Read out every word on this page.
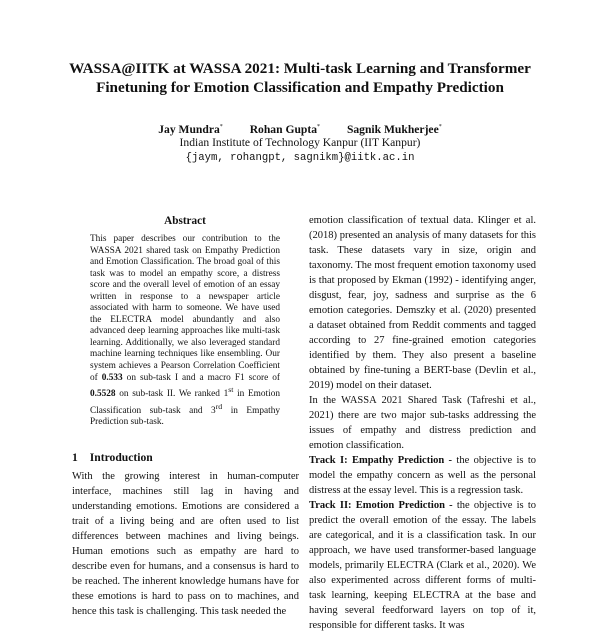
WASSA@IITK at WASSA 2021: Multi-task Learning and Transformer Finetuning for Emotion Classification and Empathy Prediction
Jay Mundra* Rohan Gupta* Sagnik Mukherjee*
Indian Institute of Technology Kanpur (IIT Kanpur)
{jaym, rohangpt, sagnikm}@iitk.ac.in
Abstract

This paper describes our contribution to the WASSA 2021 shared task on Empathy Prediction and Emotion Classification. The broad goal of this task was to model an empathy score, a distress score and the overall level of emotion of an essay written in response to a newspaper article associated with harm to someone. We have used the ELECTRA model abundantly and also advanced deep learning approaches like multi-task learning. Additionally, we also leveraged standard machine learning techniques like ensembling. Our system achieves a Pearson Correlation Coefficient of 0.533 on sub-task I and a macro F1 score of 0.5528 on sub-task II. We ranked 1st in Emotion Classification sub-task and 3rd in Empathy Prediction sub-task.

1 Introduction

With the growing interest in human-computer interface, machines still lag in having and understanding emotions. Emotions are considered a trait of a living being and are often used to list differences between machines and living beings. Human emotions such as empathy are hard to describe even for humans, and a consensus is hard to be reached. The inherent knowledge humans have for these emotions is hard to pass on to machines, and hence this task is challenging. This task needed the

emotion classification of textual data. Klinger et al. (2018) presented an analysis of many datasets for this task. These datasets vary in size, origin and taxonomy. The most frequent emotion taxonomy used is that proposed by Ekman (1992) - identifying anger, disgust, fear, joy, sadness and surprise as the 6 emotion categories. Demszky et al. (2020) presented a dataset obtained from Reddit comments and tagged according to 27 fine-grained emotion categories identified by them. They also present a baseline obtained by fine-tuning a BERT-base (Devlin et al., 2019) model on their dataset.

In the WASSA 2021 Shared Task (Tafreshi et al., 2021) there are two major sub-tasks addressing the issues of empathy and distress prediction and emotion classification.

Track I: Empathy Prediction - the objective is to model the empathy concern as well as the personal distress at the essay level. This is a regression task.

Track II: Emotion Prediction - the objective is to predict the overall emotion of the essay. The labels are categorical, and it is a classification task. In our approach, we have used transformer-based language models, primarily ELECTRA (Clark et al., 2020). We also experimented across different forms of multi-task learning, keeping ELECTRA at the base and having several feedforward layers on top of it, responsible for different tasks. It was
